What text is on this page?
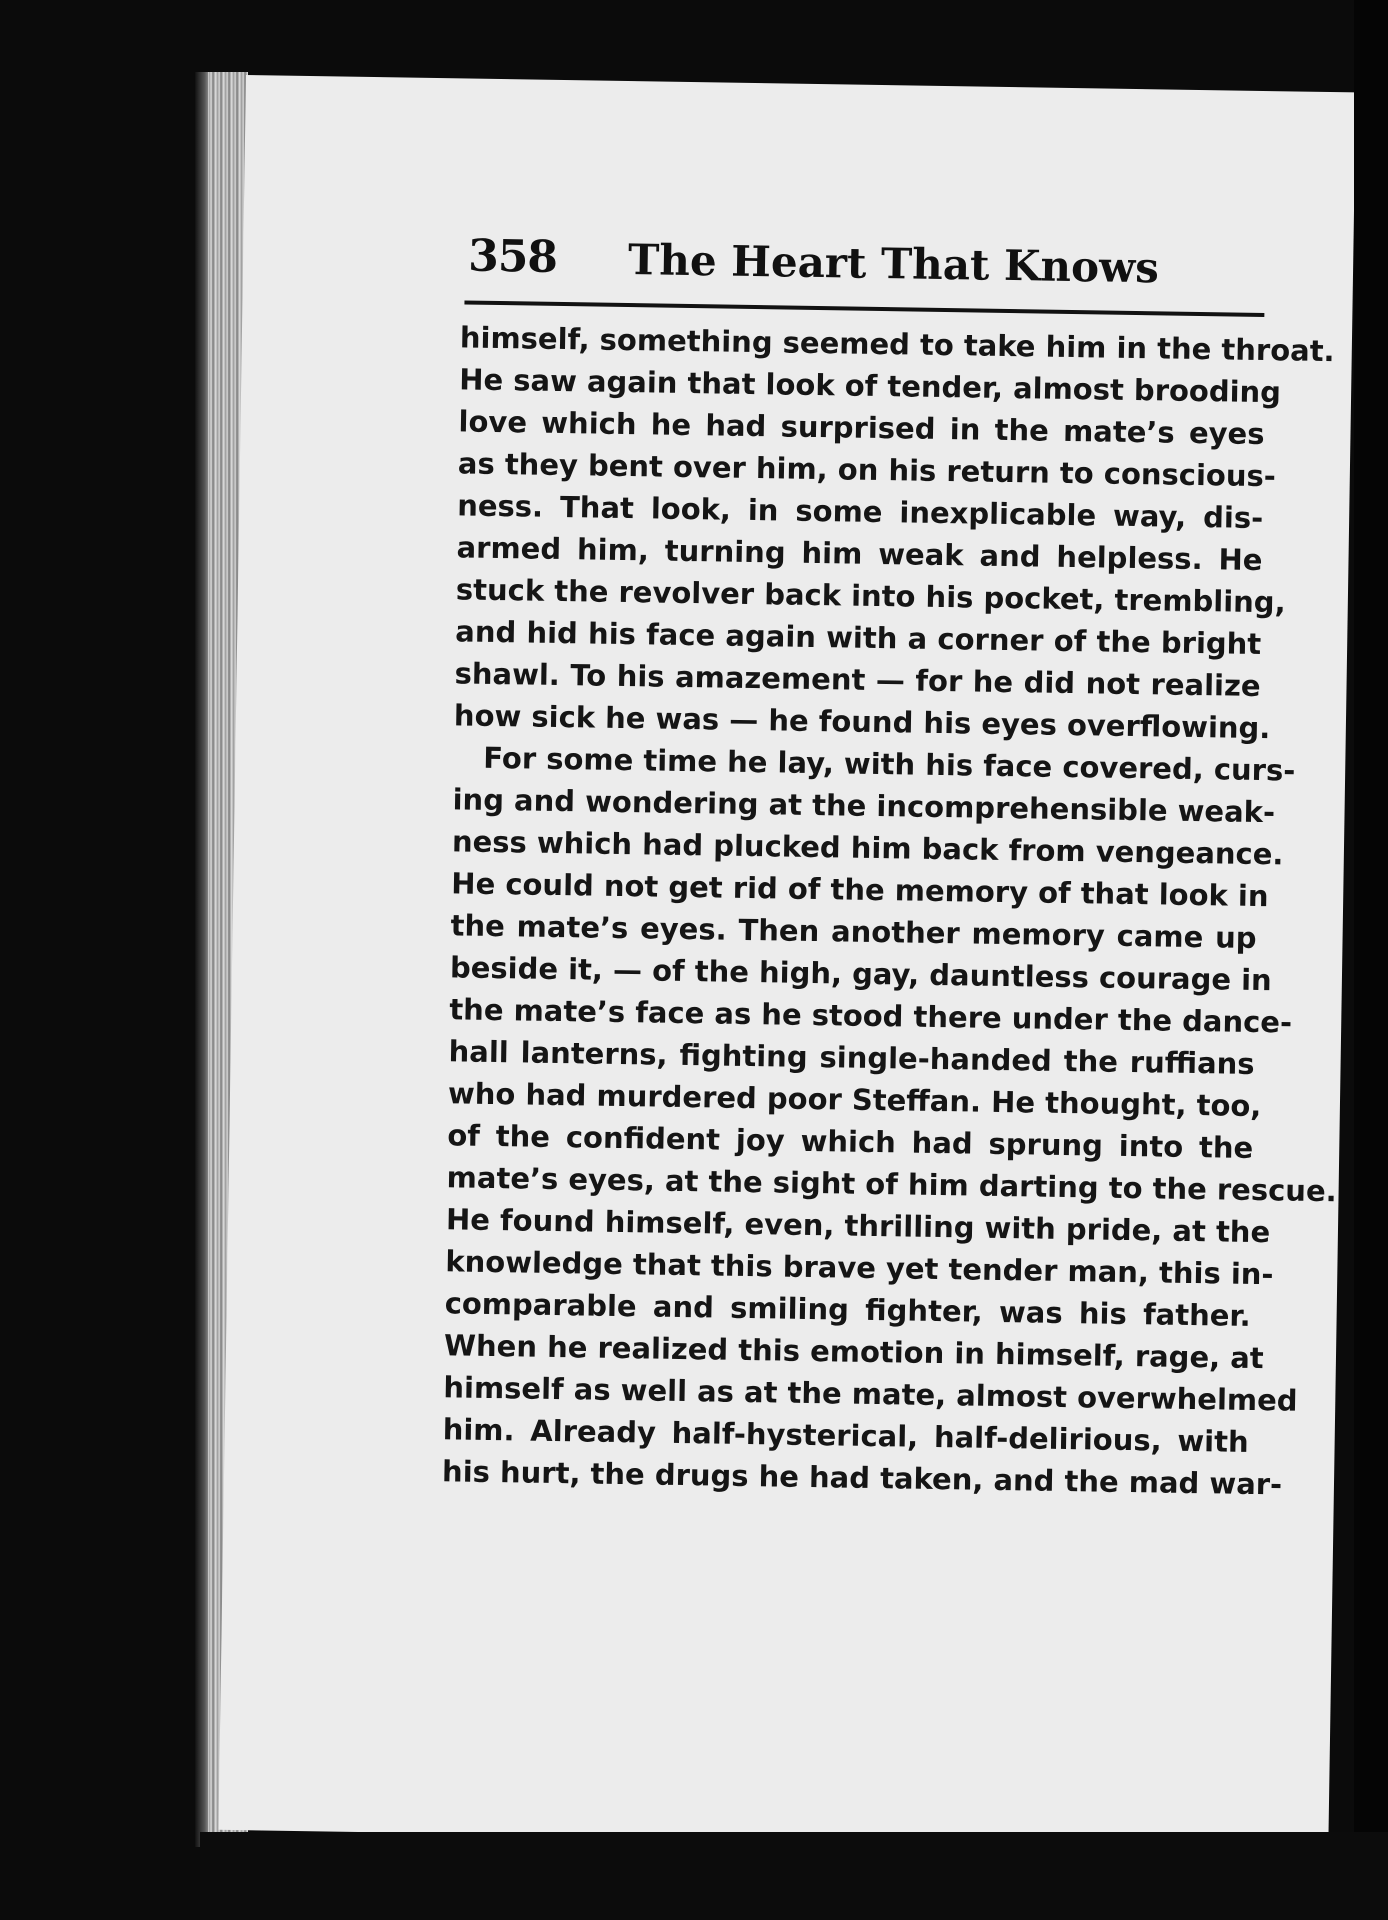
358 The Heart That Knows
himself, something seemed to take him in the throat.
He saw again that look of tender, almost brooding
love which he had surprised in the mate’s eyes
as they bent over him, on his return to conscious-
ness. That look, in some inexplicable way, dis-
armed him, turning him weak and helpless. He
stuck the revolver back into his pocket, trembling,
and hid his face again with a corner of the bright
shawl. To his amazement — for he did not realize
how sick he was — he found his eyes overflowing.
For some time he lay, with his face covered, curs-
ing and wondering at the incomprehensible weak-
ness which had plucked him back from vengeance.
He could not get rid of the memory of that look in
the mate’s eyes. Then another memory came up
beside it, — of the high, gay, dauntless courage in
the mate’s face as he stood there under the dance-
hall lanterns, fighting single-handed the ruffians
who had murdered poor Steffan. He thought, too,
of the confident joy which had sprung into the
mate’s eyes, at the sight of him darting to the rescue.
He found himself, even, thrilling with pride, at the
knowledge that this brave yet tender man, this in-
comparable and smiling fighter, was his father.
When he realized this emotion in himself, rage, at
himself as well as at the mate, almost overwhelmed
him. Already half-hysterical, half-delirious, with
his hurt, the drugs he had taken, and the mad war-
